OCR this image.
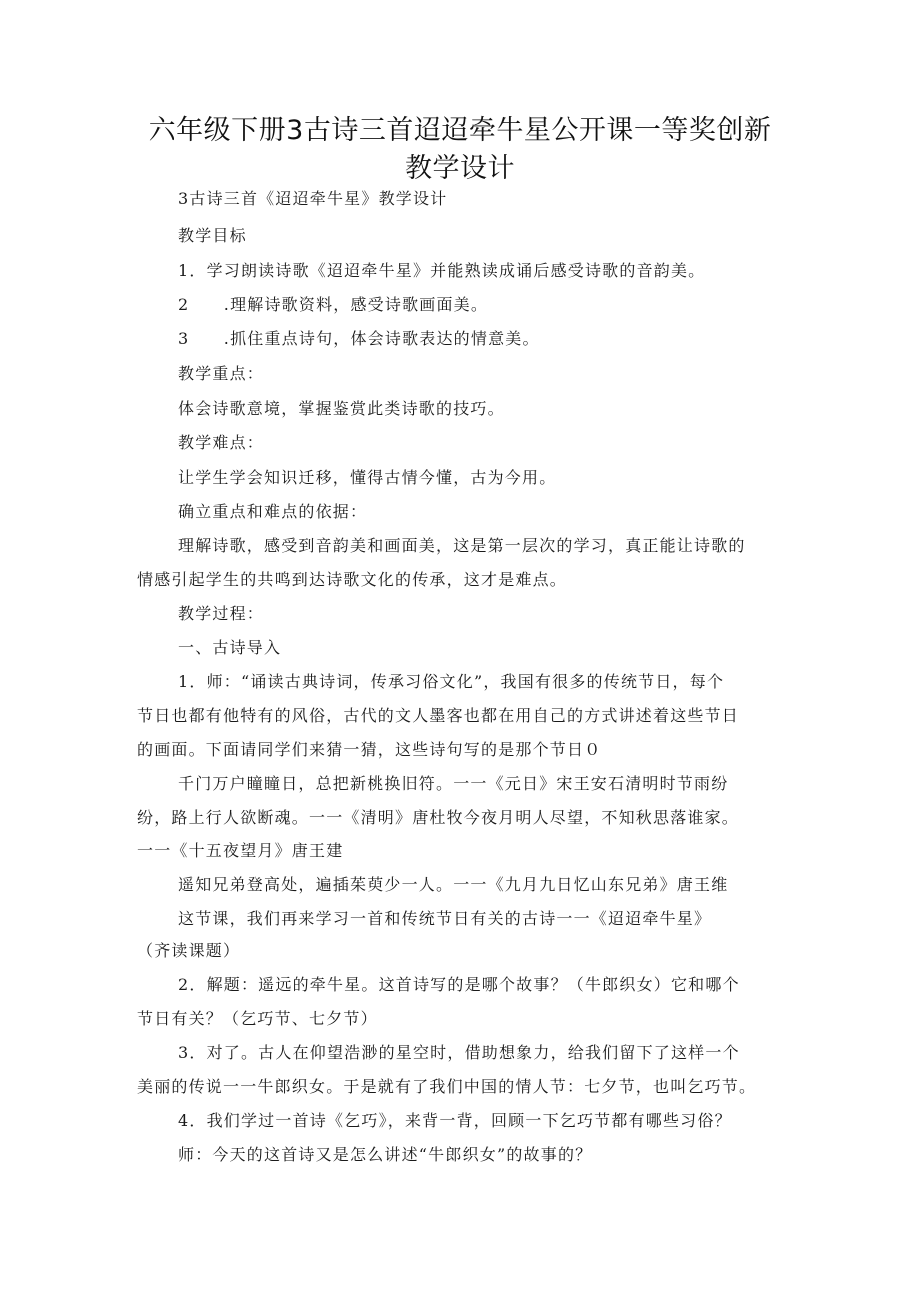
六年级下册3古诗三首迢迢牵牛星公开课一等奖创新教学设计
3古诗三首《迢迢牵牛星》教学设计
教学目标
1．学习朗读诗歌《迢迢牵牛星》并能熟读成诵后感受诗歌的音韵美。
2　　.理解诗歌资料，感受诗歌画面美。
3　　.抓住重点诗句，体会诗歌表达的情意美。
教学重点：
体会诗歌意境，掌握鉴赏此类诗歌的技巧。
教学难点：
让学生学会知识迁移，懂得古情今懂，古为今用。
确立重点和难点的依据：
理解诗歌，感受到音韵美和画面美，这是第一层次的学习，真正能让诗歌的
情感引起学生的共鸣到达诗歌文化的传承，这才是难点。
教学过程：
一、古诗导入
1．师：“诵读古典诗词，传承习俗文化”，我国有很多的传统节日，每个
节日也都有他特有的风俗，古代的文人墨客也都在用自己的方式讲述着这些节日
的画面。下面请同学们来猜一猜，这些诗句写的是那个节日０
千门万户瞳瞳日，总把新桃换旧符。一一《元日》宋王安石清明时节雨纷
纷，路上行人欲断魂。一一《清明》唐杜牧今夜月明人尽望，不知秋思落谁家。
一一《十五夜望月》唐王建
遥知兄弟登高处，遍插茱萸少一人。一一《九月九日忆山东兄弟》唐王维
这节课，我们再来学习一首和传统节日有关的古诗一一《迢迢牵牛星》
（齐读课题）
2．解题：遥远的牵牛星。这首诗写的是哪个故事？（牛郎织女）它和哪个
节日有关？（乞巧节、七夕节）
3．对了。古人在仰望浩渺的星空时，借助想象力，给我们留下了这样一个
美丽的传说一一牛郎织女。于是就有了我们中国的情人节：七夕节，也叫乞巧节。
4．我们学过一首诗《乞巧》，来背一背，回顾一下乞巧节都有哪些习俗？
师：今天的这首诗又是怎么讲述“牛郎织女”的故事的？
